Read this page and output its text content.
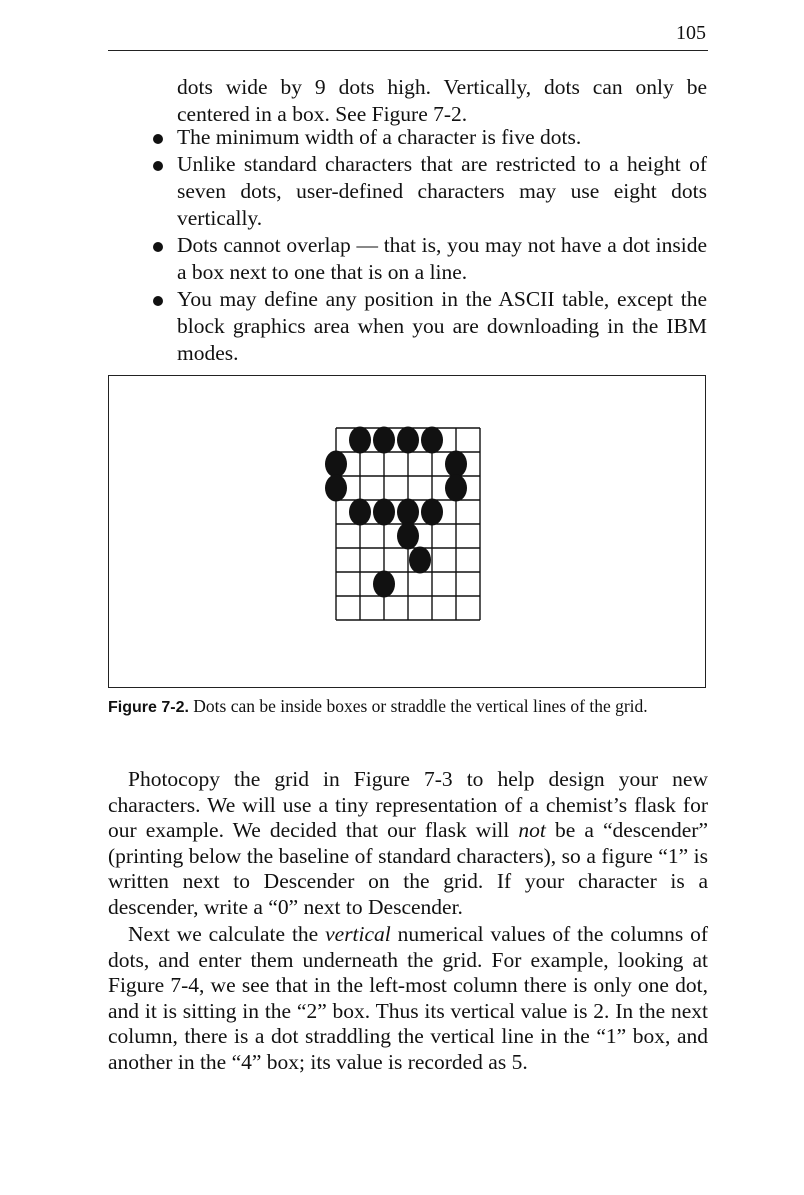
105

dots wide by 9 dots high. Vertically, dots can only be centered in a box. See Figure 7-2.

The minimum width of a character is five dots.

Unlike standard characters that are restricted to a height of seven dots, user-defined characters may use eight dots vertically.

Dots cannot overlap — that is, you may not have a dot inside a box next to one that is on a line.

You may define any position in the ASCII table, except the block graphics area when you are downloading in the IBM modes.

Figure 7-2. Dots can be inside boxes or straddle the vertical lines of the grid.

Photocopy the grid in Figure 7-3 to help design your new characters. We will use a tiny representation of a chemist’s flask for our example. We decided that our flask will not be a “descender” (printing below the baseline of standard characters), so a figure “1” is written next to Descender on the grid. If your character is a descender, write a “0” next to Descender.

Next we calculate the vertical numerical values of the columns of dots, and enter them underneath the grid. For example, looking at Figure 7-4, we see that in the left-most column there is only one dot, and it is sitting in the “2” box. Thus its vertical value is 2. In the next column, there is a dot straddling the vertical line in the “1” box, and another in the “4” box; its value is recorded as 5.
